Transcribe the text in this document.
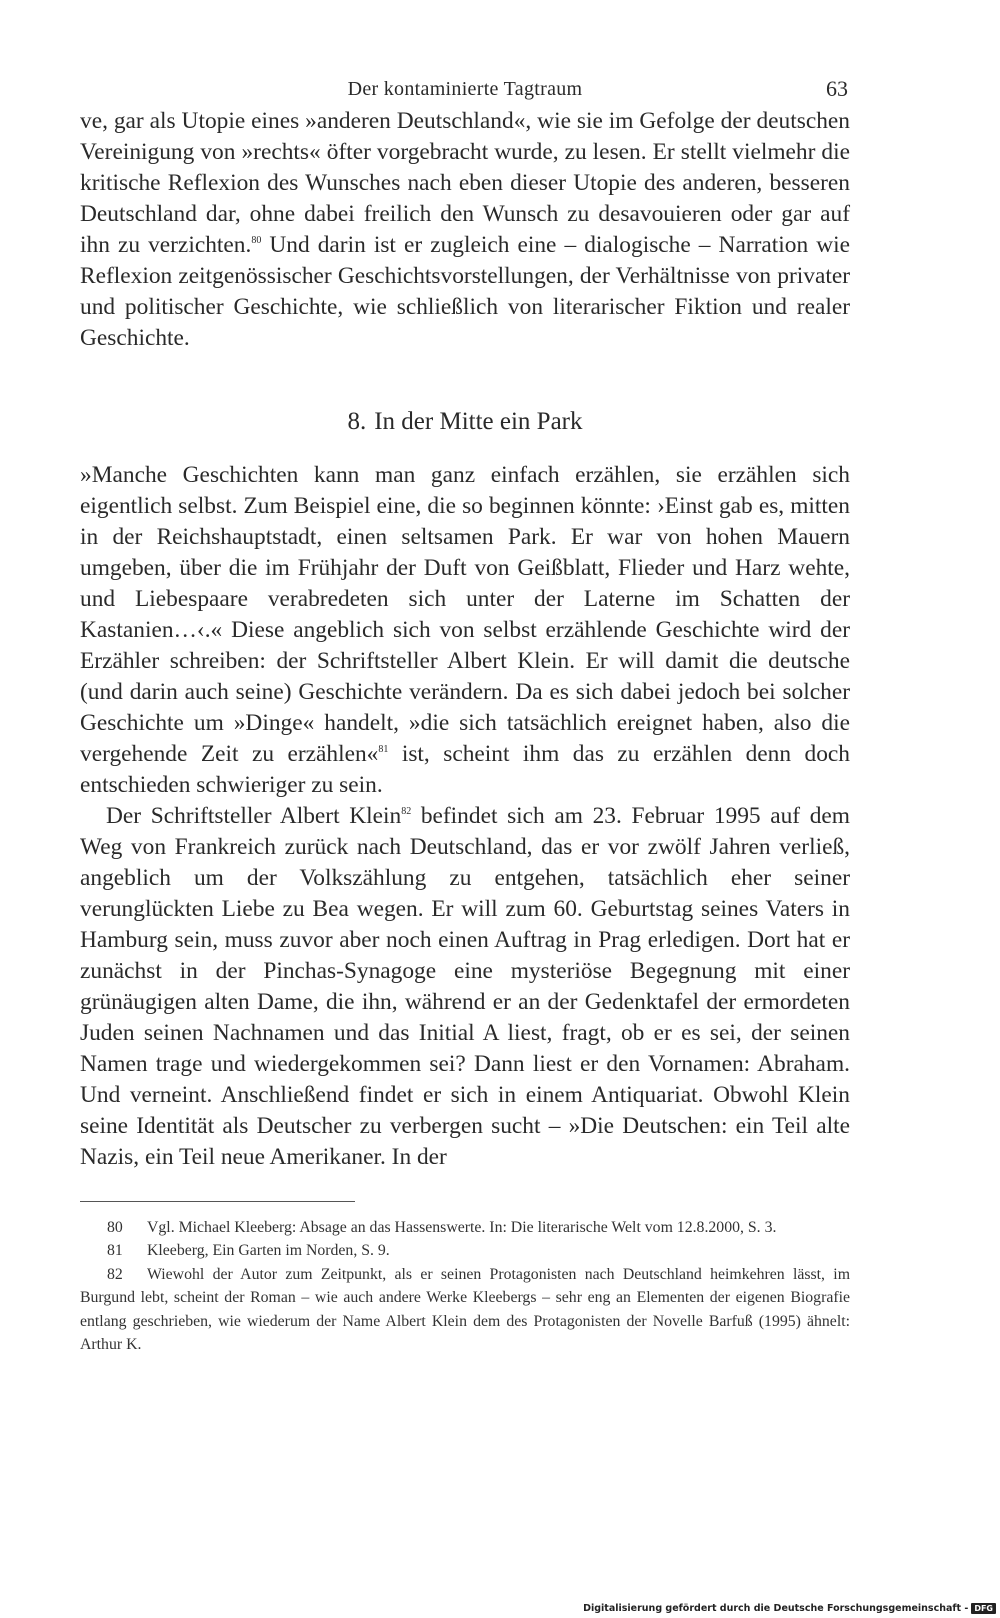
Der kontaminierte Tagtraum	63

ve, gar als Utopie eines »anderen Deutschland«, wie sie im Gefolge der deutschen Vereinigung von »rechts« öfter vorgebracht wurde, zu lesen. Er stellt vielmehr die kritische Reflexion des Wunsches nach eben dieser Utopie des anderen, besseren Deutschland dar, ohne dabei freilich den Wunsch zu desavouieren oder gar auf ihn zu verzichten.$^{80}$ Und darin ist er zugleich eine – dialogische – Narration wie Reflexion zeitgenössischer Geschichtsvorstellungen, der Verhältnisse von privater und politischer Geschichte, wie schließlich von literarischer Fiktion und realer Geschichte.

8. In der Mitte ein Park

»Manche Geschichten kann man ganz einfach erzählen, sie erzählen sich eigentlich selbst. Zum Beispiel eine, die so beginnen könnte: ›Einst gab es, mitten in der Reichshauptstadt, einen seltsamen Park. Er war von hohen Mauern umgeben, über die im Frühjahr der Duft von Geißblatt, Flieder und Harz wehte, und Liebespaare verabredeten sich unter der Laterne im Schatten der Kastanien…‹.« Diese angeblich sich von selbst erzählende Geschichte wird der Erzähler schreiben: der Schriftsteller Albert Klein. Er will damit die deutsche (und darin auch seine) Geschichte verändern. Da es sich dabei jedoch bei solcher Geschichte um »Dinge« handelt, »die sich tatsächlich ereignet haben, also die vergehende Zeit zu erzählen«$^{81}$ ist, scheint ihm das zu erzählen denn doch entschieden schwieriger zu sein.

Der Schriftsteller Albert Klein$^{82}$ befindet sich am 23. Februar 1995 auf dem Weg von Frankreich zurück nach Deutschland, das er vor zwölf Jahren verließ, angeblich um der Volkszählung zu entgehen, tatsächlich eher seiner verunglückten Liebe zu Bea wegen. Er will zum 60. Geburtstag seines Vaters in Hamburg sein, muss zuvor aber noch einen Auftrag in Prag erledigen. Dort hat er zunächst in der Pinchas-Synagoge eine mysteriöse Begegnung mit einer grünäugigen alten Dame, die ihn, während er an der Gedenktafel der ermordeten Juden seinen Nachnamen und das Initial A liest, fragt, ob er es sei, der seinen Namen trage und wiedergekommen sei? Dann liest er den Vornamen: Abraham. Und verneint. Anschließend findet er sich in einem Antiquariat. Obwohl Klein seine Identität als Deutscher zu verbergen sucht – »Die Deutschen: ein Teil alte Nazis, ein Teil neue Amerikaner. In der

80 Vgl. Michael Kleeberg: Absage an das Hassenswerte. In: Die literarische Welt vom 12.8.2000, S. 3.

81 Kleeberg, Ein Garten im Norden, S. 9.

82 Wiewohl der Autor zum Zeitpunkt, als er seinen Protagonisten nach Deutschland heimkehren lässt, im Burgund lebt, scheint der Roman – wie auch andere Werke Kleebergs – sehr eng an Elementen der eigenen Biografie entlang geschrieben, wie wiederum der Name Albert Klein dem des Protagonisten der Novelle Barfuß (1995) ähnelt: Arthur K.

Digitalisierung gefördert durch die Deutsche Forschungsgemeinschaft - DFG
